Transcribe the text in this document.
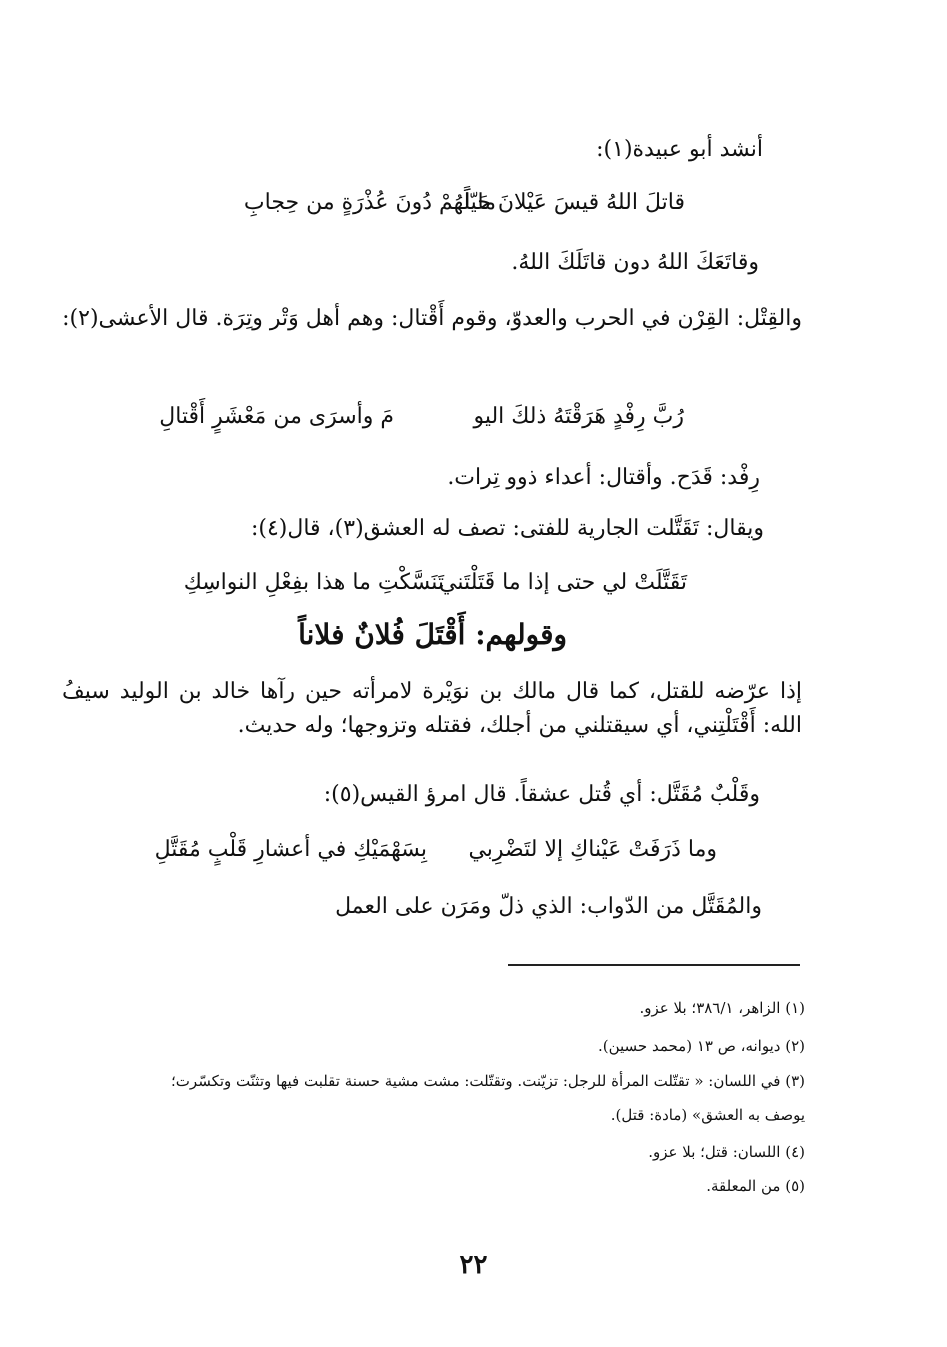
أنشد أبو عبيدة(١):
قاتلَ اللهُ قيسَ عَيْلانَ حَيّاً
ما لَهُمْ دُونَ عُذْرَةٍ من حِجابِ
وقاتَعَكَ اللهُ دون قاتَلَكَ اللهُ.
والقِتْل: القِرْن في الحرب والعدوّ، وقوم أَقْتال: وهم أهل وَتْر وتِرَة. قال الأعشى(٢):
رُبَّ رِفْدٍ هَرَقْتَهُ ذلكَ اليو
مَ وأسرَى من مَعْشَرٍ أَقْتالِ
رِفْد: قَدَح. وأقتال: أعداء ذوو تِرات.
ويقال: تَقَتَّلت الجارية للفتى: تصف له العشق(٣)، قال(٤):
تَقَتَّلَتْ لي حتى إذا ما قَتَلْتَني
تَنَسَّكْتِ ما هذا بفِعْلِ النواسِكِ
وقولهم: أَقْتَلَ فُلانٌ فلاناً
إذا عرّضه للقتل، كما قال مالك بن نوَيْرة لامرأته حين رآها خالد بن الوليد سيفُ الله: أَقْتَلْتِني، أي سيقتلني من أجلك، فقتله وتزوجها؛ وله حديث.
وقَلْبٌ مُقَتَّل: أي قُتل عشقاً. قال امرؤ القيس(٥):
وما ذَرَفَتْ عَيْناكِ إلا لتَضْرِبي
بِسَهْمَيْكِ في أعشارِ قَلْبٍ مُقَتَّلِ
والمُقَتَّل من الدّواب: الذي ذلّ ومَرَن على العمل
(١) الزاهر، ٣٨٦/١؛ بلا عزو.
(٢) ديوانه، ص ١٣ (محمد حسين).
(٣) في اللسان: « تقتّلت المرأة للرجل: تزيّنت. وتقتّلت: مشت مشية حسنة تقلبت فيها وتثنّت وتكسّرت؛
يوصف به العشق» (مادة: قتل).
(٤) اللسان: قتل؛ بلا عزو.
(٥) من المعلقة.
٢٢
